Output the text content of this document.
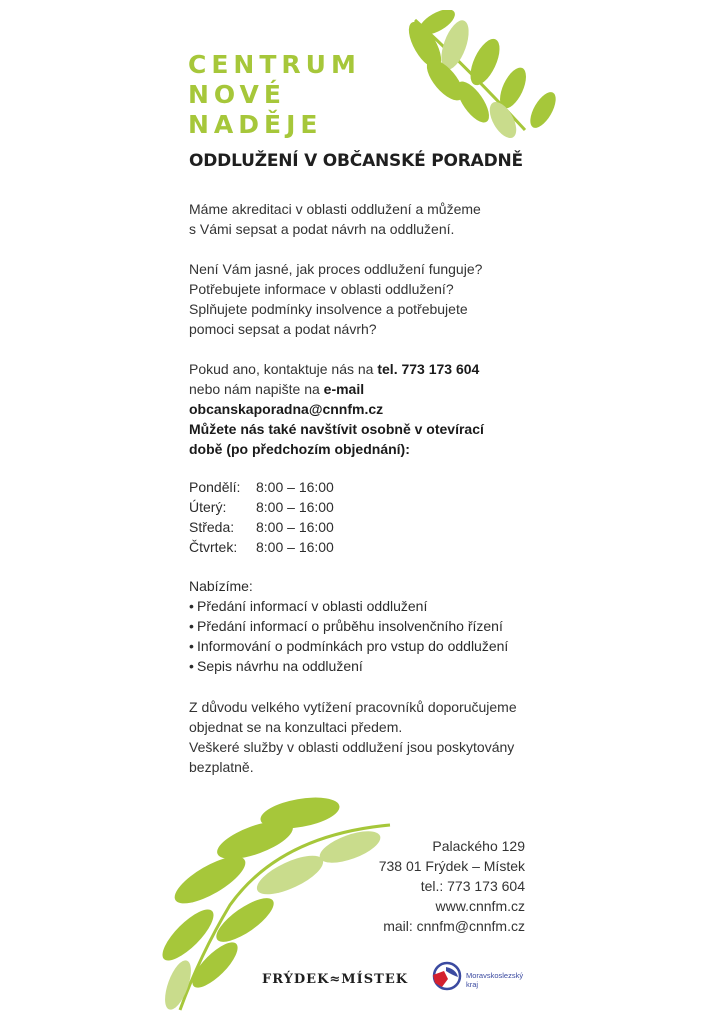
CENTRUM
NOVÉ
NADĚJE
ODDLUŽENÍ V OBČANSKÉ PORADNĚ

Máme akreditaci v oblasti oddlužení a můžeme

s Vámi sepsat a podat návrh na oddlužení.

Není Vám jasné, jak proces oddlužení funguje?

Potřebujete informace v oblasti oddlužení?

Splňujete podmínky insolvence a potřebujete

pomoci sepsat a podat návrh?

Pokud ano, kontaktuje nás na tel. 773 173 604

nebo nám napište na e-mail

obcanskaporadna@cnnfm.cz

Můžete nás také navštívit osobně v otevírací

době (po předchozím objednání):

Pondělí:	8:00 – 16:00
Úterý:	8:00 – 16:00
Středa:	8:00 – 16:00
Čtvrtek:	8:00 – 16:00
Nabízíme:
• Předání informací v oblasti oddlužení
• Předání informací o průběhu insolvenčního řízení
• Informování o podmínkách pro vstup do oddlužení
• Sepis návrhu na oddlužení

Z důvodu velkého vytížení pracovníků doporučujeme

objednat se na konzultaci předem.

Veškeré služby v oblasti oddlužení jsou poskytovány

bezplatně.

Palackého 129
738 01 Frýdek – Místek
tel.: 773 173 604
www.cnnfm.cz
mail: cnnfm@cnnfm.cz
FRÝDEK≈MÍSTEK	Moravskoslezský
kraj
